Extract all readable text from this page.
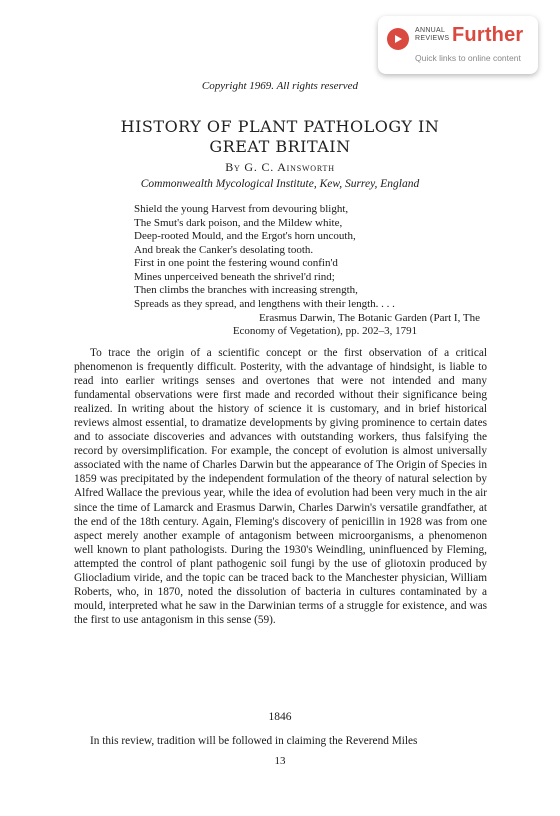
ANNUAL
REVIEWS Further
Quick links to online content
Copyright 1969. All rights reserved
HISTORY OF PLANT PATHOLOGY IN
GREAT BRITAIN
By G. C. Ainsworth
Commonwealth Mycological Institute, Kew, Surrey, England
Shield the young Harvest from devouring blight,
The Smut's dark poison, and the Mildew white,
Deep-rooted Mould, and the Ergot's horn uncouth,
And break the Canker's desolating tooth.
First in one point the festering wound confin'd
Mines unperceived beneath the shrivel'd rind;
Then climbs the branches with increasing strength,
Spreads as they spread, and lengthens with their length. . . .
Erasmus Darwin, The Botanic Garden (Part I, The
Economy of Vegetation), pp. 202–3, 1791

To trace the origin of a scientific concept or the first observation of a critical phenomenon is frequently difficult. Posterity, with the advantage of hindsight, is liable to read into earlier writings senses and overtones that were not intended and many fundamental observations were first made and recorded without their significance being realized. In writing about the history of science it is customary, and in brief historical reviews almost essential, to dramatize developments by giving prominence to certain dates and to associate discoveries and advances with outstanding workers, thus falsifying the record by oversimplification. For example, the concept of evolution is almost universally associated with the name of Charles Darwin but the appearance of The Origin of Species in 1859 was precipitated by the independent formulation of the theory of natural selection by Alfred Wallace the previous year, while the idea of evolution had been very much in the air since the time of Lamarck and Erasmus Darwin, Charles Darwin's versatile grandfather, at the end of the 18th century. Again, Fleming's discovery of penicillin in 1928 was from one aspect merely another example of antagonism between microorganisms, a phenomenon well known to plant pathologists. During the 1930's Weindling, uninfluenced by Fleming, attempted the control of plant pathogenic soil fungi by the use of gliotoxin produced by Gliocladium viride, and the topic can be traced back to the Manchester physician, William Roberts, who, in 1870, noted the dissolution of bacteria in cultures contaminated by a mould, interpreted what he saw in the Darwinian terms of a struggle for existence, and was the first to use antagonism in this sense (59).

1846
In this review, tradition will be followed in claiming the Reverend Miles
13
